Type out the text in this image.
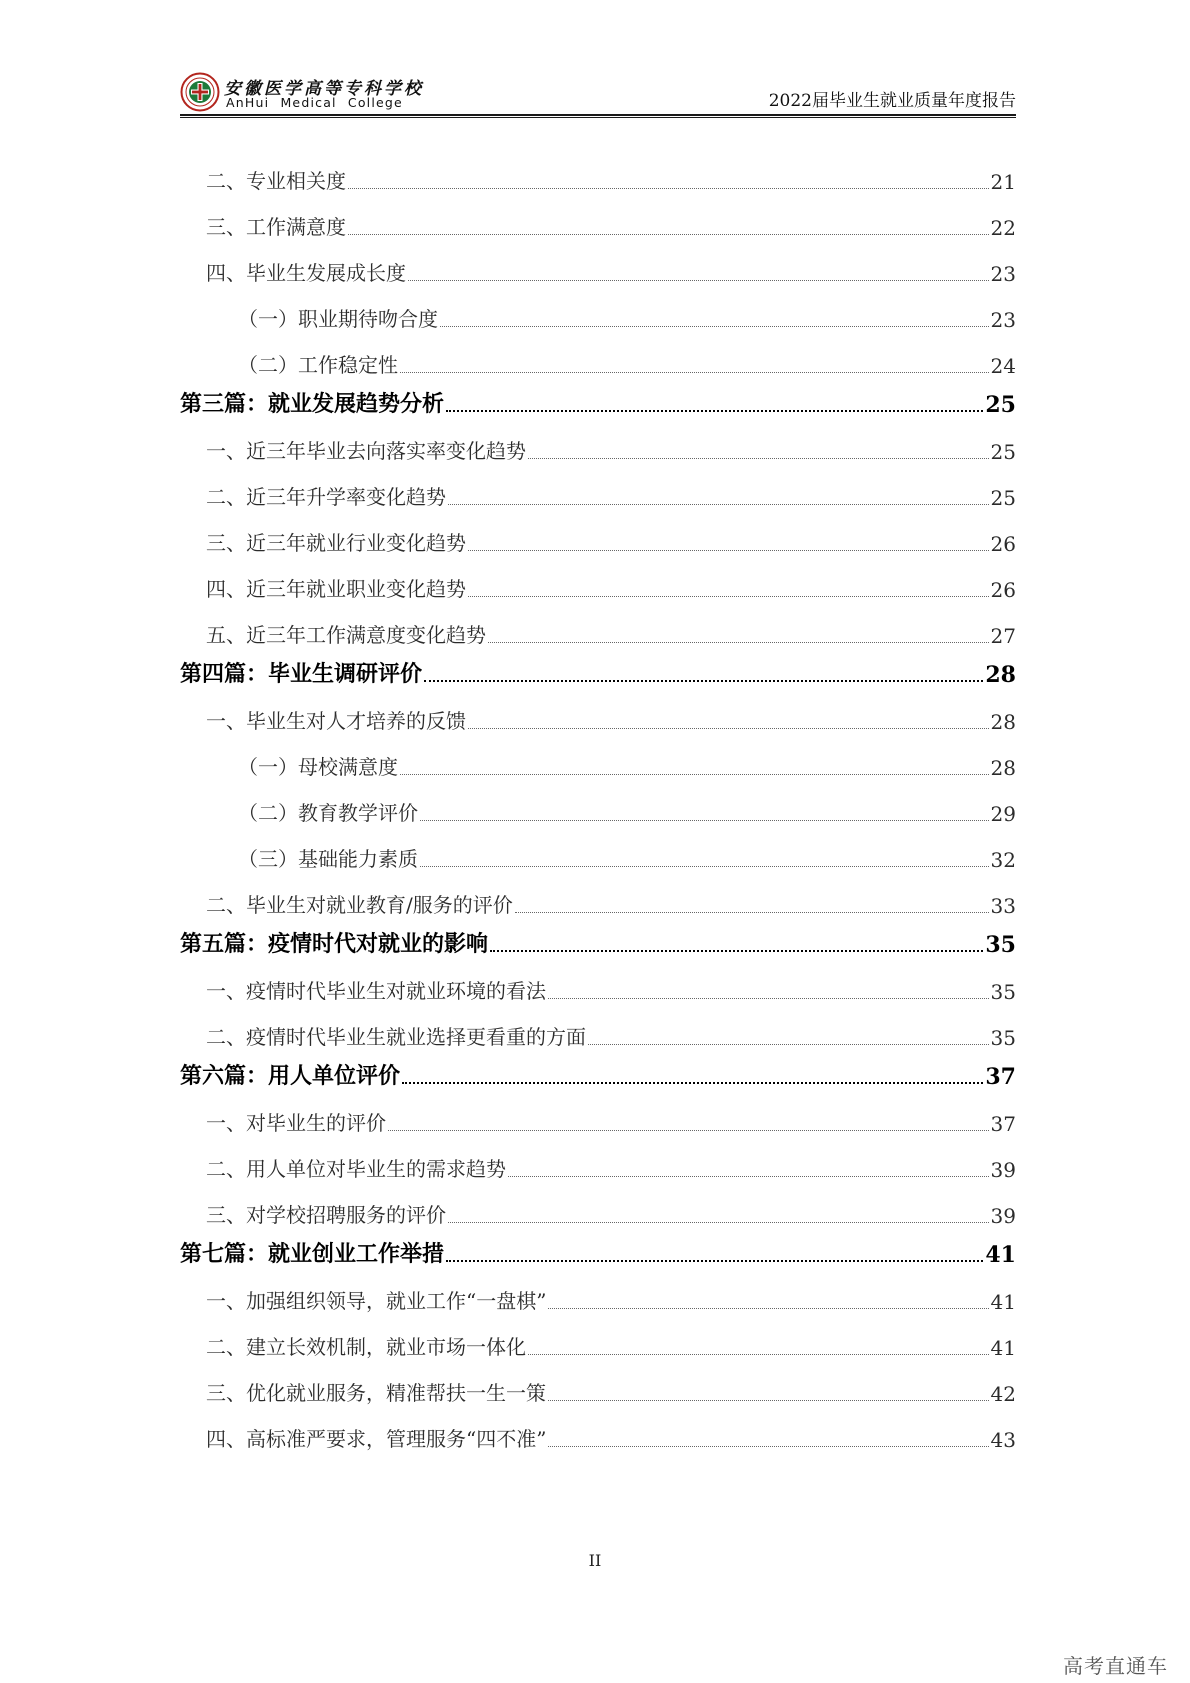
安徽医学高等专科学校
AnHui Medical College	2022届毕业生就业质量年度报告
二、专业相关度	21
三、工作满意度	22
四、毕业生发展成长度	23
（一）职业期待吻合度	23
（二）工作稳定性	24
第三篇：就业发展趋势分析	25
一、近三年毕业去向落实率变化趋势	25
二、近三年升学率变化趋势	25
三、近三年就业行业变化趋势	26
四、近三年就业职业变化趋势	26
五、近三年工作满意度变化趋势	27
第四篇：毕业生调研评价	28
一、毕业生对人才培养的反馈	28
（一）母校满意度	28
（二）教育教学评价	29
（三）基础能力素质	32
二、毕业生对就业教育/服务的评价	33
第五篇：疫情时代对就业的影响	35
一、疫情时代毕业生对就业环境的看法	35
二、疫情时代毕业生就业选择更看重的方面	35
第六篇：用人单位评价	37
一、对毕业生的评价	37
二、用人单位对毕业生的需求趋势	39
三、对学校招聘服务的评价	39
第七篇：就业创业工作举措	41
一、加强组织领导，就业工作“一盘棋”	41
二、建立长效机制，就业市场一体化	41
三、优化就业服务，精准帮扶一生一策	42
四、高标准严要求，管理服务“四不准”	43
II
高考直通车
